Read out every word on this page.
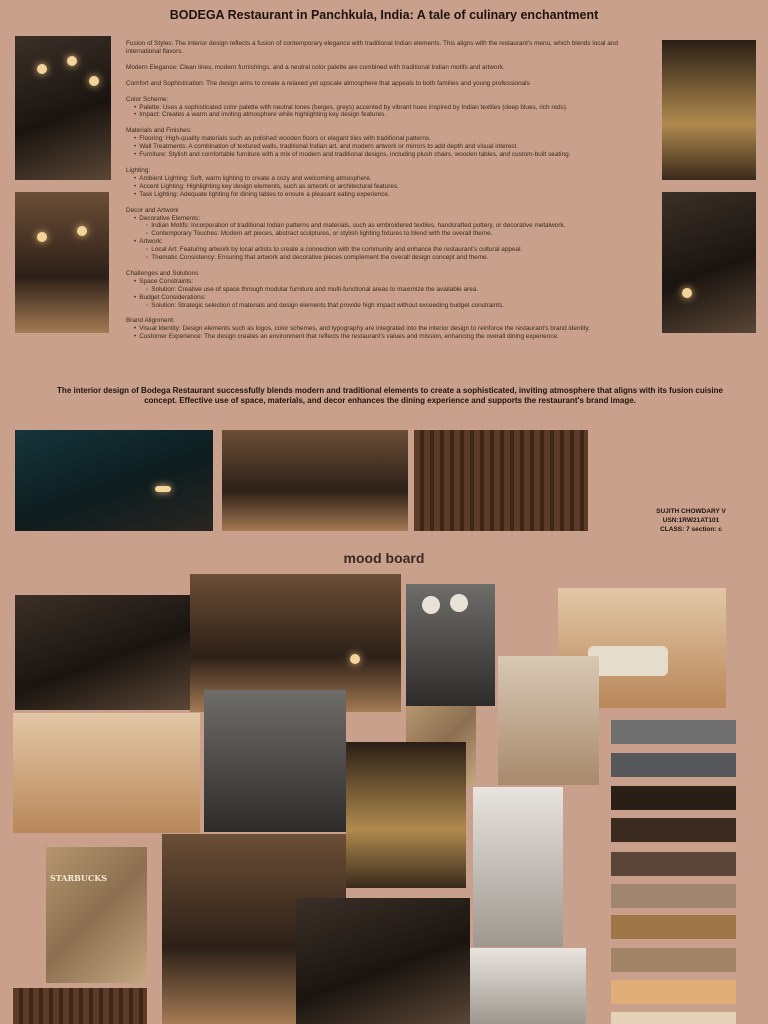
BODEGA Restaurant in Panchkula, India: A tale of culinary enchantment

Fusion of Styles: The interior design reflects a fusion of contemporary elegance with traditional Indian elements. This aligns with the restaurant's menu, which blends local and international flavors.

Modern Elegance: Clean lines, modern furnishings, and a neutral color palette are combined with traditional Indian motifs and artwork.

Comfort and Sophistication: The design aims to create a relaxed yet upscale atmosphere that appeals to both families and young professionals

Color Scheme:

• Palette: Uses a sophisticated color palette with neutral tones (beiges, greys) accented by vibrant hues inspired by Indian textiles (deep blues, rich reds).
• Impact: Creates a warm and inviting atmosphere while highlighting key design features.

Materials and Finishes:

• Flooring: High-quality materials such as polished wooden floors or elegant tiles with traditional patterns.
• Wall Treatments: A combination of textured walls, traditional Indian art, and modern artwork or mirrors to add depth and visual interest.
• Furniture: Stylish and comfortable furniture with a mix of modern and traditional designs, including plush chairs, wooden tables, and custom-built seating.

Lighting:

• Ambient Lighting: Soft, warm lighting to create a cozy and welcoming atmosphere.
• Accent Lighting: Highlighting key design elements, such as artwork or architectural features.
• Task Lighting: Adequate lighting for dining tables to ensure a pleasant eating experience.

Decor and Artwork

• Decorative Elements:
◦ Indian Motifs: Incorporation of traditional Indian patterns and materials, such as embroidered textiles, handcrafted pottery, or decorative metalwork.
◦ Contemporary Touches: Modern art pieces, abstract sculptures, or stylish lighting fixtures to blend with the overall theme.
• Artwork:
◦ Local Art: Featuring artwork by local artists to create a connection with the community and enhance the restaurant's cultural appeal.
◦ Thematic Consistency: Ensuring that artwork and decorative pieces complement the overall design concept and theme.

Challenges and Solutions

• Space Constraints:
◦ Solution: Creative use of space through modular furniture and multi-functional areas to maximize the available area.
• Budget Considerations:
◦ Solution: Strategic selection of materials and design elements that provide high impact without exceeding budget constraints.

Brand Alignment:

• Visual Identity: Design elements such as logos, color schemes, and typography are integrated into the interior design to reinforce the restaurant's brand identity.
• Customer Experience: The design creates an environment that reflects the restaurant's values and mission, enhancing the overall dining experience.
The interior design of Bodega Restaurant successfully blends modern and traditional elements to create a sophisticated, inviting atmosphere that aligns with its fusion cuisine concept. Effective use of space, materials, and decor enhances the dining experience and supports the restaurant's brand image.
SUJITH CHOWDARY V
USN:1RW21AT101
CLASS: 7 section: c
mood board
STARBUCKS
